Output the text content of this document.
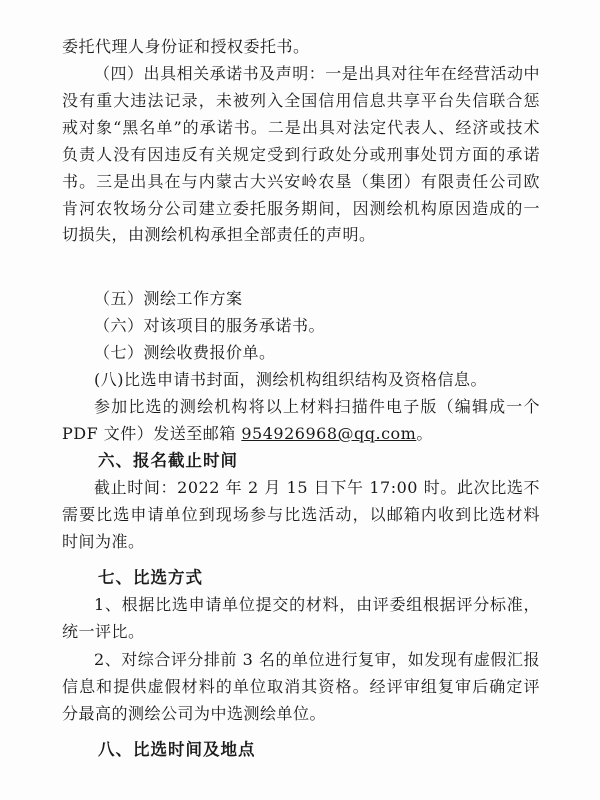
委托代理人身份证和授权委托书。

（四）出具相关承诺书及声明：一是出具对往年在经营活动中没有重大违法记录，未被列入全国信用信息共享平台失信联合惩戒对象“黑名单”的承诺书。二是出具对法定代表人、经济或技术负责人没有因违反有关规定受到行政处分或刑事处罚方面的承诺书。三是出具在与内蒙古大兴安岭农垦（集团）有限责任公司欧肯河农牧场分公司建立委托服务期间，因测绘机构原因造成的一切损失，由测绘机构承担全部责任的声明。

（五）测绘工作方案

（六）对该项目的服务承诺书。

（七）测绘收费报价单。

(八)比选申请书封面，测绘机构组织结构及资格信息。

参加比选的测绘机构将以上材料扫描件电子版（编辑成一个 PDF 文件）发送至邮箱 954926968@qq.com。

六、报名截止时间

截止时间：2022 年 2 月 15 日下午 17:00 时。此次比选不需要比选申请单位到现场参与比选活动，以邮箱内收到比选材料时间为准。

七、比选方式

1、根据比选申请单位提交的材料，由评委组根据评分标准，统一评比。

2、对综合评分排前 3 名的单位进行复审，如发现有虚假汇报信息和提供虚假材料的单位取消其资格。经评审组复审后确定评分最高的测绘公司为中选测绘单位。

八、比选时间及地点
